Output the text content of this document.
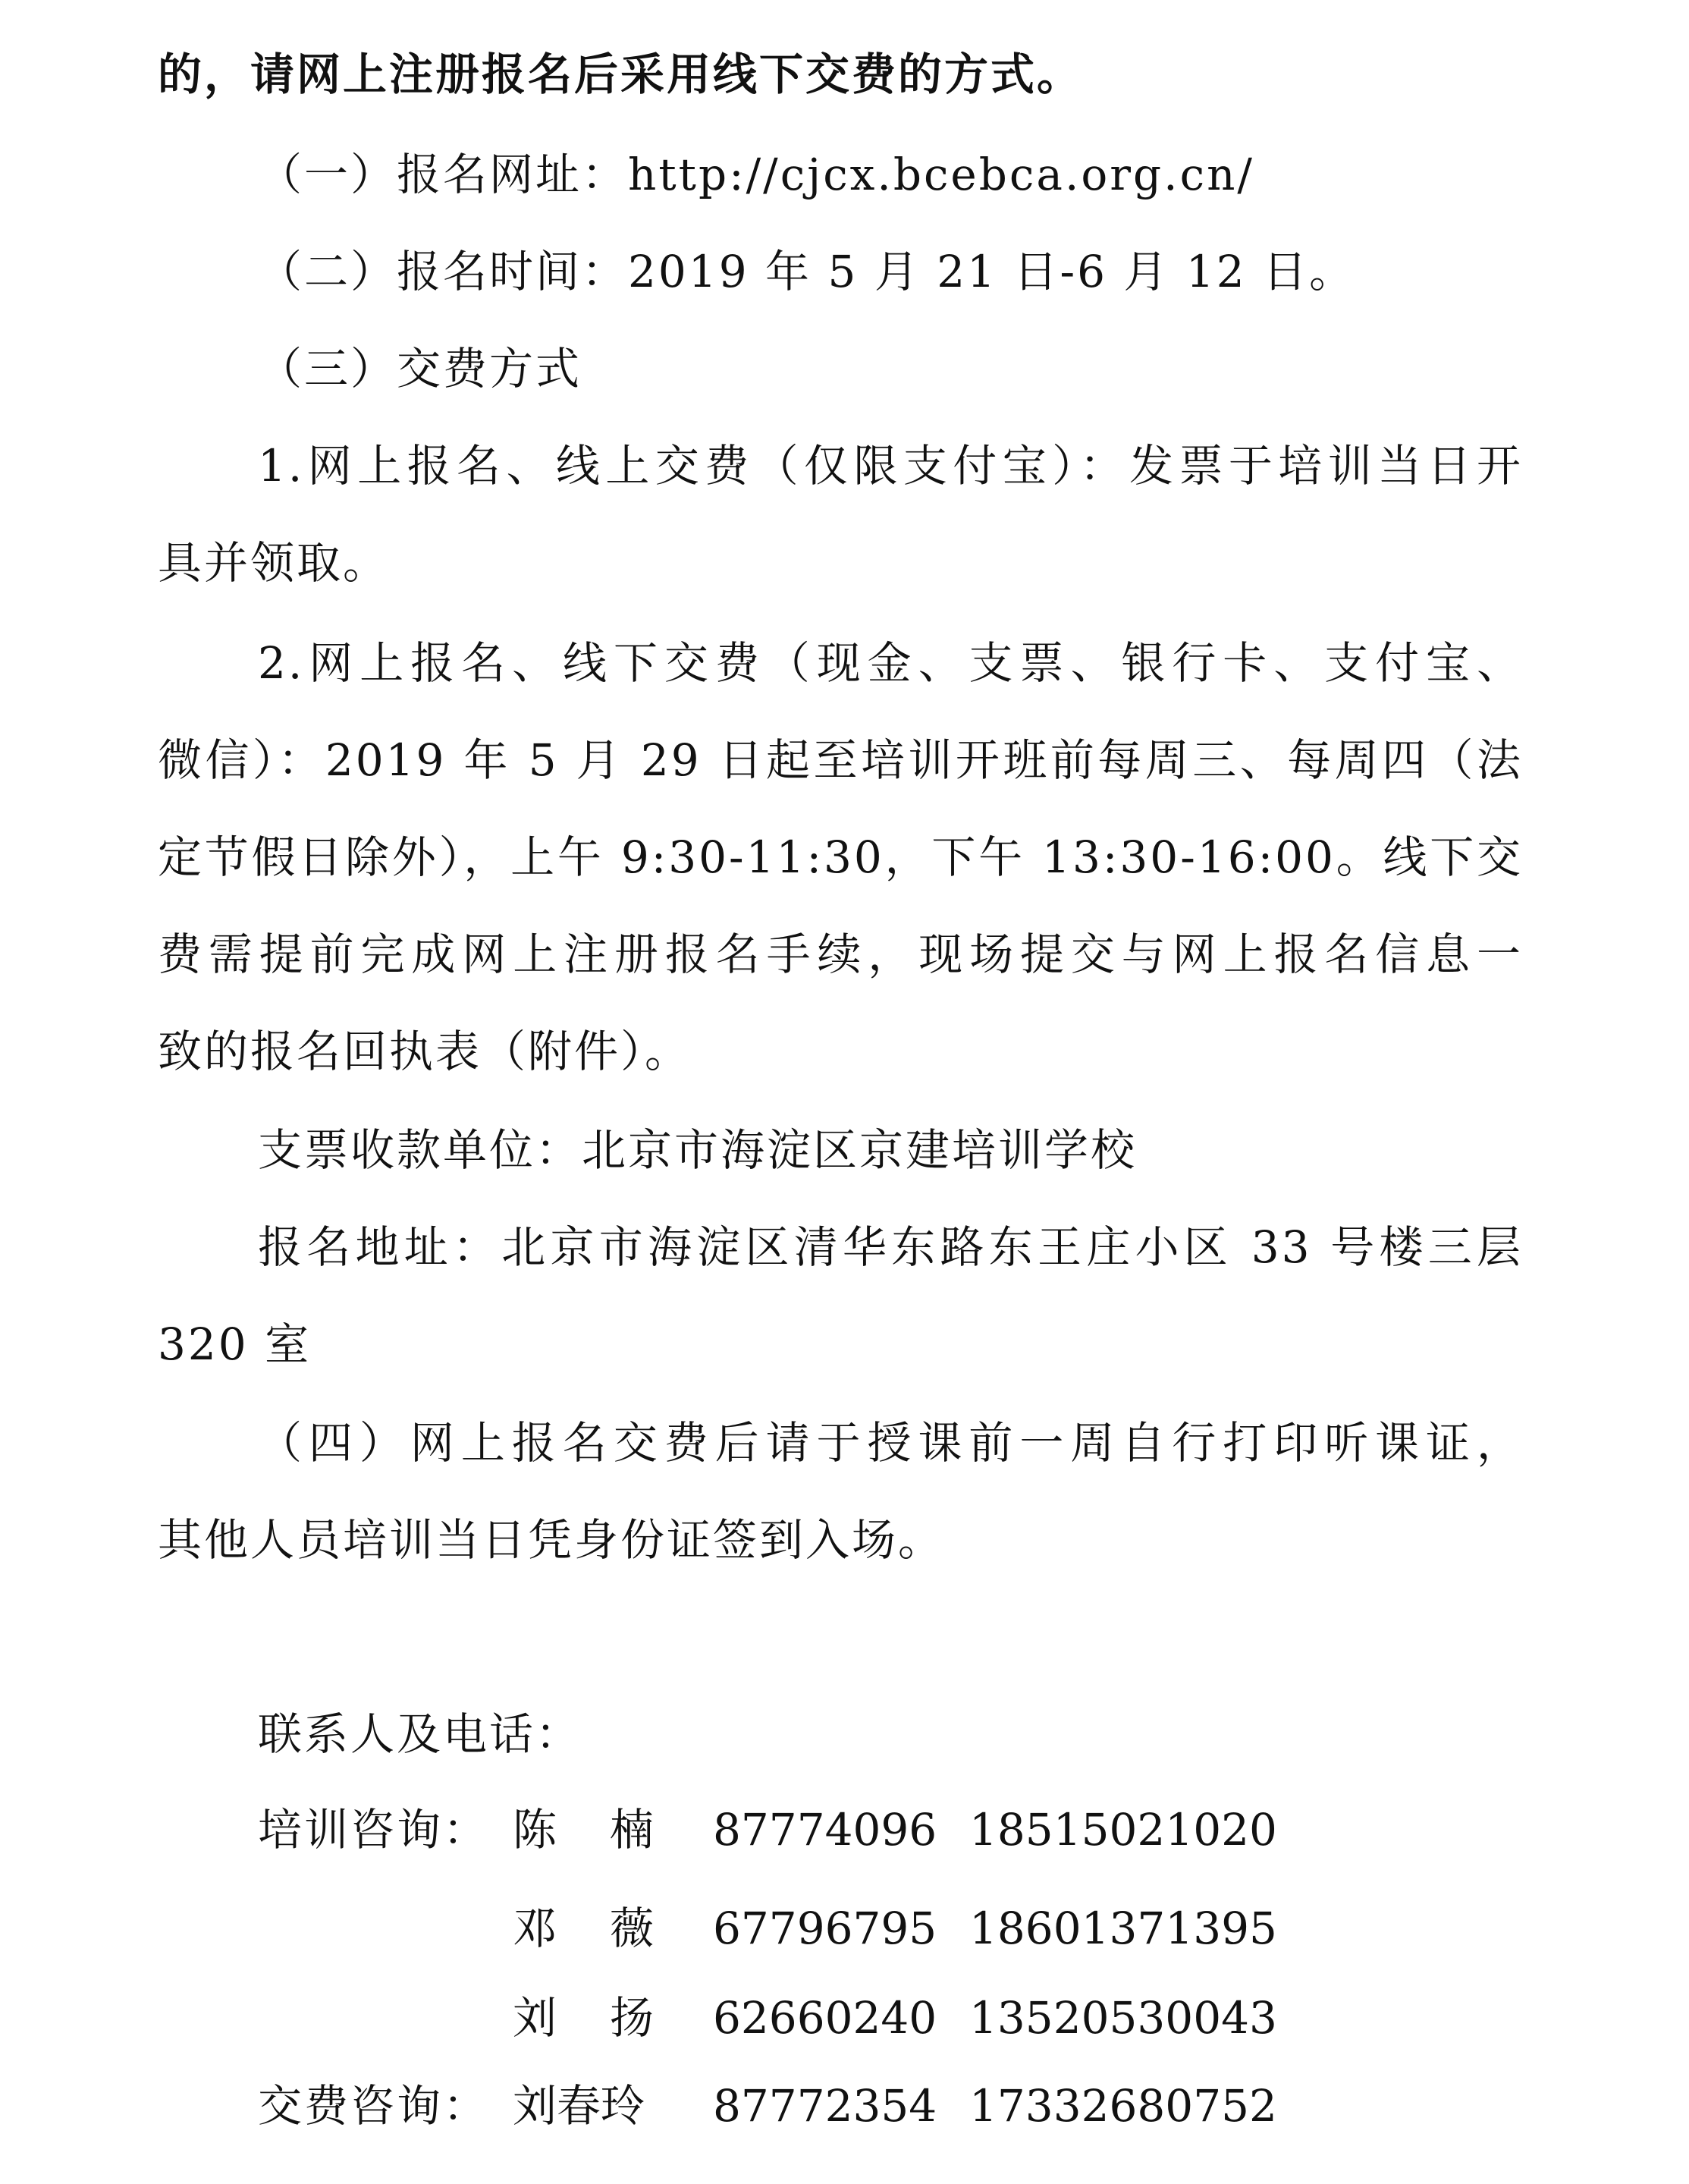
的，请网上注册报名后采用线下交费的方式。
（一）报名网址：http://cjcx.bcebca.org.cn/
（二）报名时间：2019 年 5 月 21 日-6 月 12 日。
（三）交费方式
1.网上报名、线上交费（仅限支付宝）：发票于培训当日开
具并领取。
2.网上报名、线下交费（现金、支票、银行卡、支付宝、
微信）：2019 年 5 月 29 日起至培训开班前每周三、每周四（法
定节假日除外），上午 9:30-11:30，下午 13:30-16:00。线下交
费需提前完成网上注册报名手续，现场提交与网上报名信息一
致的报名回执表（附件）。
支票收款单位：北京市海淀区京建培训学校
报名地址：北京市海淀区清华东路东王庄小区 33 号楼三层
320 室
（四）网上报名交费后请于授课前一周自行打印听课证，
其他人员培训当日凭身份证签到入场。
联系人及电话：
培训咨询： 陈楠 87774096 18515021020
邓薇 67796795 18601371395
刘扬 62660240 13520530043
交费咨询： 刘春玲 87772354 17332680752
